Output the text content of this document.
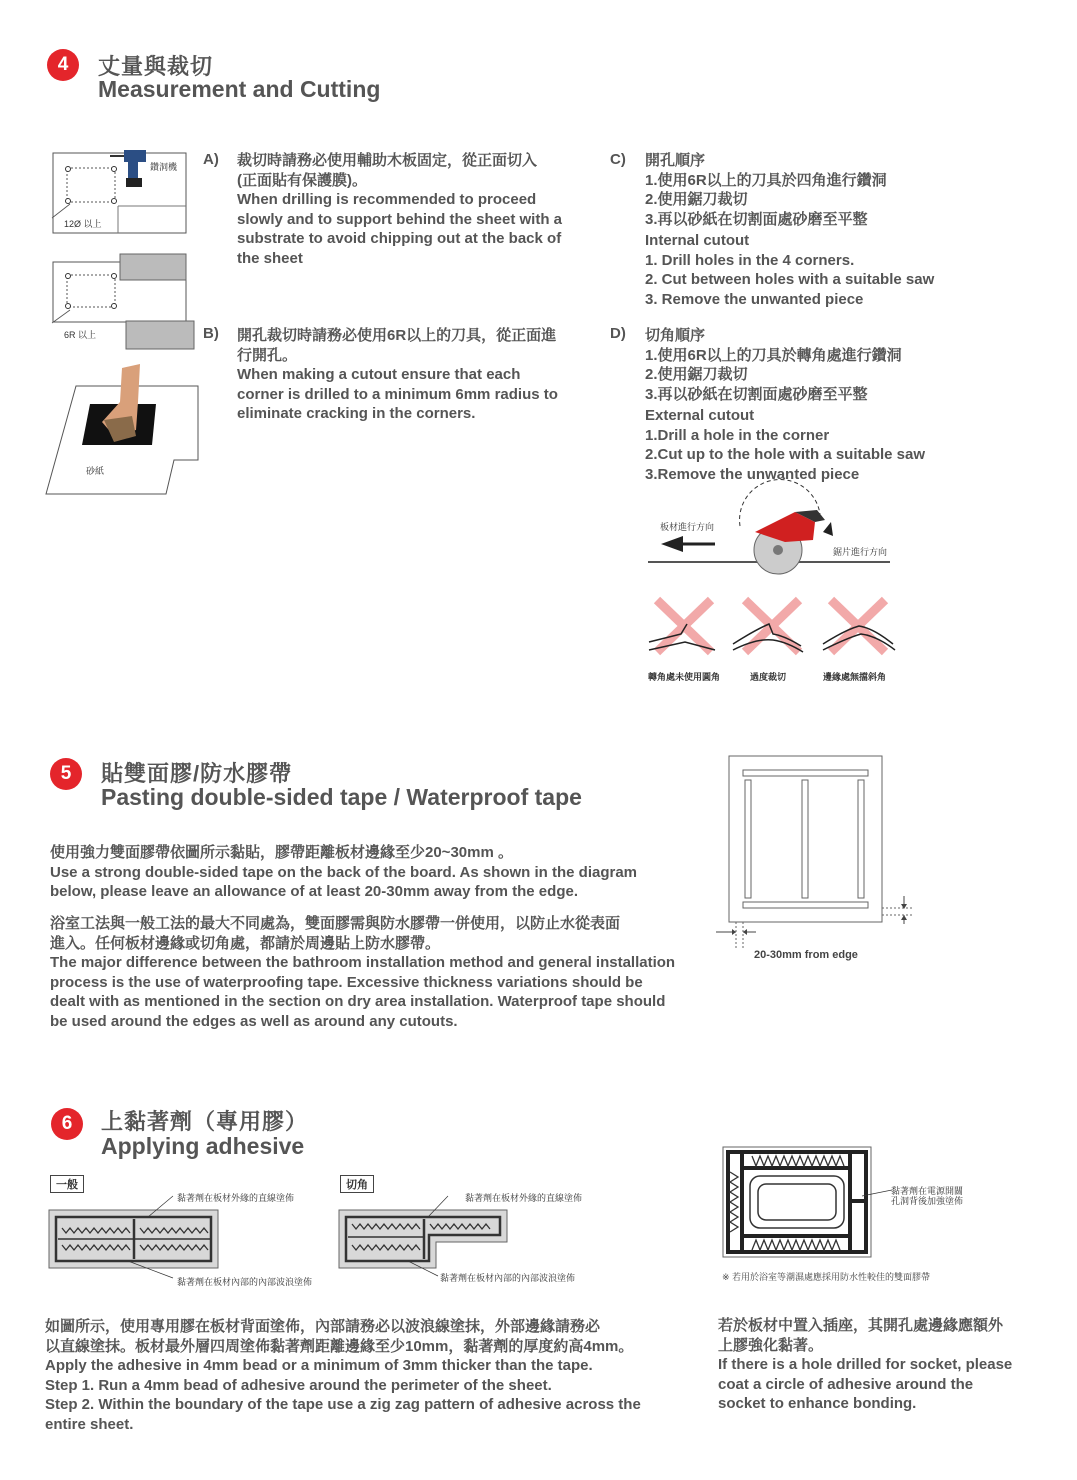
4	丈量與裁切
Measurement and Cutting
鑽洞機
12Ø 以上
6R 以上
砂紙
A) 裁切時請務必使用輔助木板固定，從正面切入
(正面貼有保護膜)。
When drilling is recommended to proceed
slowly and to support behind the sheet with a
substrate to avoid chipping out at the back of
the sheet
B) 開孔裁切時請務必使用6R以上的刀具，從正面進
行開孔。
When making a cutout ensure that each
corner is drilled to a minimum 6mm radius to
eliminate cracking in the corners.
C) 開孔順序
1.使用6R以上的刀具於四角進行鑽洞
2.使用鋸刀裁切
3.再以砂紙在切割面處砂磨至平整
Internal cutout
1. Drill holes in the 4 corners.
2. Cut between holes with a suitable saw
3. Remove the unwanted piece
D) 切角順序
1.使用6R以上的刀具於轉角處進行鑽洞
2.使用鋸刀裁切
3.再以砂紙在切割面處砂磨至平整
External cutout
1.Drill a hole in the corner
2.Cut up to the hole with a suitable saw
3.Remove the unwanted piece
板材進行方向
鋸片進行方向
轉角處未使用圓角	過度裁切	邊緣處無擋斜角
5	貼雙面膠/防水膠帶
Pasting double-sided tape / Waterproof tape
使用強力雙面膠帶依圖所示黏貼，膠帶距離板材邊緣至少20~30mm 。
Use a strong double-sided tape on the back of the board. As shown in the diagram
below, please leave an allowance of at least 20-30mm away from the edge.
浴室工法與一般工法的最大不同處為，雙面膠需與防水膠帶一併使用，以防止水從表面
進入。任何板材邊緣或切角處，都請於周邊貼上防水膠帶。
The major difference between the bathroom installation method and general installation
process is the use of waterproofing tape. Excessive thickness variations should be
dealt with as mentioned in the section on dry area installation. Waterproof tape should
be used around the edges as well as around any cutouts.
20-30mm from edge
6	上黏著劑（專用膠）
Applying adhesive
一般	切角
黏著劑在板材外緣的直線塗佈
黏著劑在板材內部的內部波浪塗佈
黏著劑在板材外緣的直線塗佈
黏著劑在板材內部的內部波浪塗佈
黏著劑在電源開關
孔洞背後加強塗佈
※ 若用於浴室等潮濕處應採用防水性較佳的雙面膠帶
如圖所示，使用專用膠在板材背面塗佈，內部請務必以波浪線塗抹，外部邊緣請務必
以直線塗抹。板材最外層四周塗佈黏著劑距離邊緣至少10mm，黏著劑的厚度約高4mm。
Apply the adhesive in 4mm bead or a minimum of 3mm thicker than the tape.
Step 1. Run a 4mm bead of adhesive around the perimeter of the sheet.
Step 2. Within the boundary of the tape use a zig zag pattern of adhesive across the
entire sheet.
若於板材中置入插座，其開孔處邊緣應額外
上膠強化黏著。
If there is a hole drilled for socket, please
coat a circle of adhesive around the
socket to enhance bonding.
